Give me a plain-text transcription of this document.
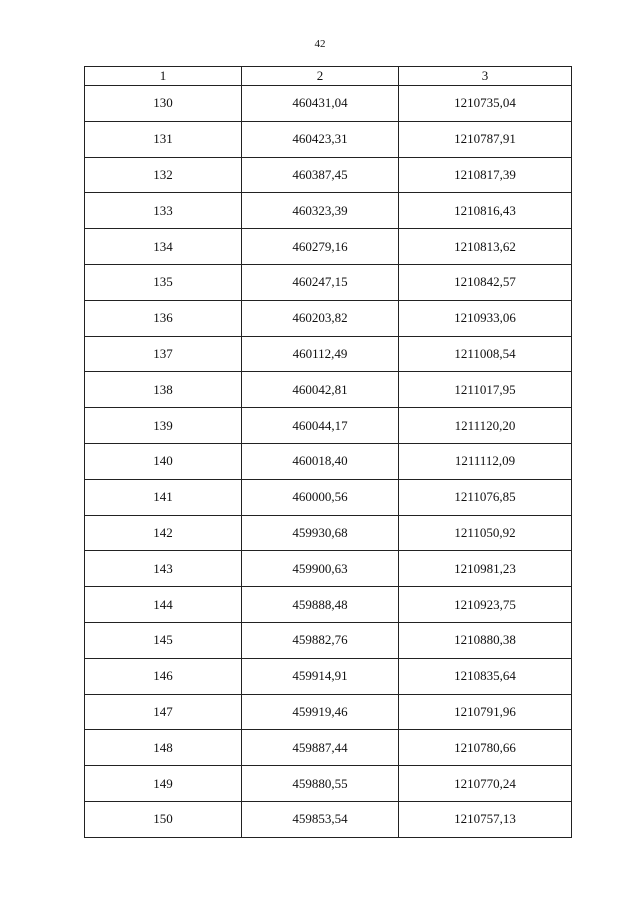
42
1	2	3
130	460431,04	1210735,04
131	460423,31	1210787,91
132	460387,45	1210817,39
133	460323,39	1210816,43
134	460279,16	1210813,62
135	460247,15	1210842,57
136	460203,82	1210933,06
137	460112,49	1211008,54
138	460042,81	1211017,95
139	460044,17	1211120,20
140	460018,40	1211112,09
141	460000,56	1211076,85
142	459930,68	1211050,92
143	459900,63	1210981,23
144	459888,48	1210923,75
145	459882,76	1210880,38
146	459914,91	1210835,64
147	459919,46	1210791,96
148	459887,44	1210780,66
149	459880,55	1210770,24
150	459853,54	1210757,13
